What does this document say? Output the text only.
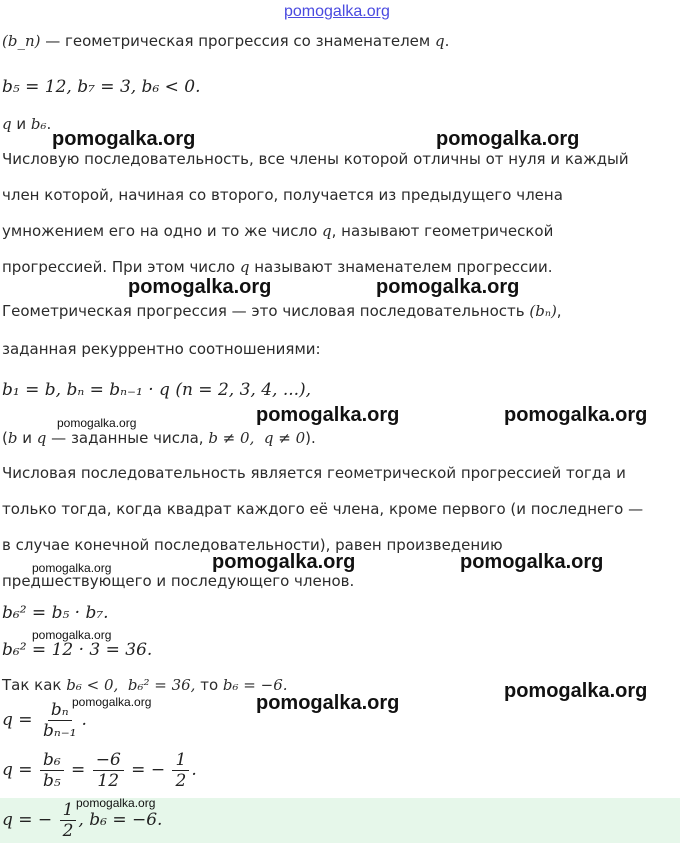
pomogalka.org
(b_n) — геометрическая прогрессия со знаменателем q.
b₅ = 12, b₇ = 3, b₆ < 0.
q и b₆.
Числовую последовательность, все члены которой отличны от нуля и каждый
член которой, начиная со второго, получается из предыдущего члена
умножением его на одно и то же число q, называют геометрической
прогрессией. При этом число q называют знаменателем прогрессии.
Геометрическая прогрессия — это числовая последовательность (bₙ),
заданная рекуррентно соотношениями:
b₁ = b, bₙ = bₙ₋₁ · q (n = 2, 3, 4, ...),
(b и q — заданные числа, b ≠ 0,  q ≠ 0).
Числовая последовательность является геометрической прогрессией тогда и
только тогда, когда квадрат каждого её члена, кроме первого (и последнего —
в случае конечной последовательности), равен произведению
предшествующего и последующего членов.
b₆² = b₅ · b₇.
b₆² = 12 · 3 = 36.
Так как b₆ < 0,  b₆² = 36, то b₆ = −6.
$q = \frac{\text{bₙ}}{\text{bₙ₋₁}}$ .
$q = \frac{\text{b₆}}{\text{b₅}} = \frac{-6}{12}$ = − $\frac{1}{2}$ .
q = − $\frac{1}{2}$ , b₆ = −6.
pomogalka.org	pomogalka.org
pomogalka.org	pomogalka.org
pomogalka.org	pomogalka.org	pomogalka.org
pomogalka.org	pomogalka.org	pomogalka.org
pomogalka.org
pomogalka.org
pomogalka.org	pomogalka.org
pomogalka.org
